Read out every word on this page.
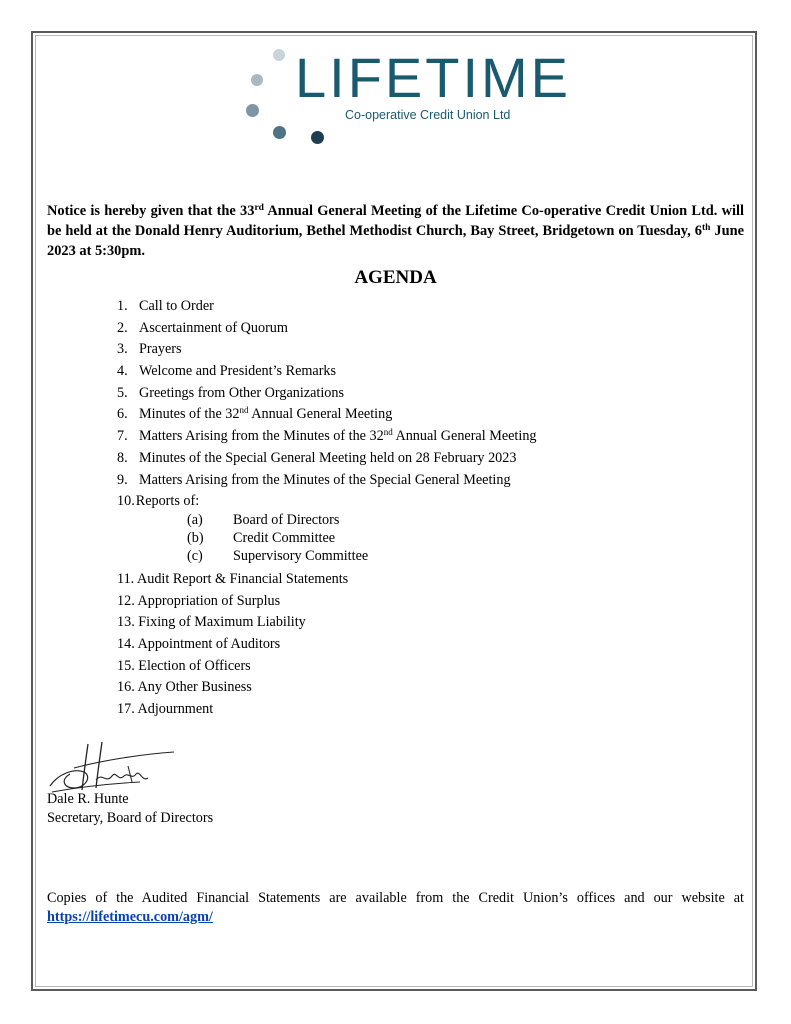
LIFETIME
Co-operative Credit Union Ltd
Notice is hereby given that the 33rd Annual General Meeting of the Lifetime Co-operative Credit Union Ltd. will be held at the Donald Henry Auditorium, Bethel Methodist Church, Bay Street, Bridgetown on Tuesday, 6th June 2023 at 5:30pm.
AGENDA
1. Call to Order
2. Ascertainment of Quorum
3. Prayers
4. Welcome and President’s Remarks
5. Greetings from Other Organizations
6. Minutes of the 32nd Annual General Meeting
7. Matters Arising from the Minutes of the 32nd Annual General Meeting
8. Minutes of the Special General Meeting held on 28 February 2023
9. Matters Arising from the Minutes of the Special General Meeting
10.Reports of:
(a) Board of Directors
(b) Credit Committee
(c) Supervisory Committee
11. Audit Report & Financial Statements
12. Appropriation of Surplus
13. Fixing of Maximum Liability
14. Appointment of Auditors
15. Election of Officers
16. Any Other Business
17. Adjournment
Dale R. Hunte
Secretary, Board of Directors
Copies of the Audited Financial Statements are available from the Credit Union’s offices and our website at https://lifetimecu.com/agm/
